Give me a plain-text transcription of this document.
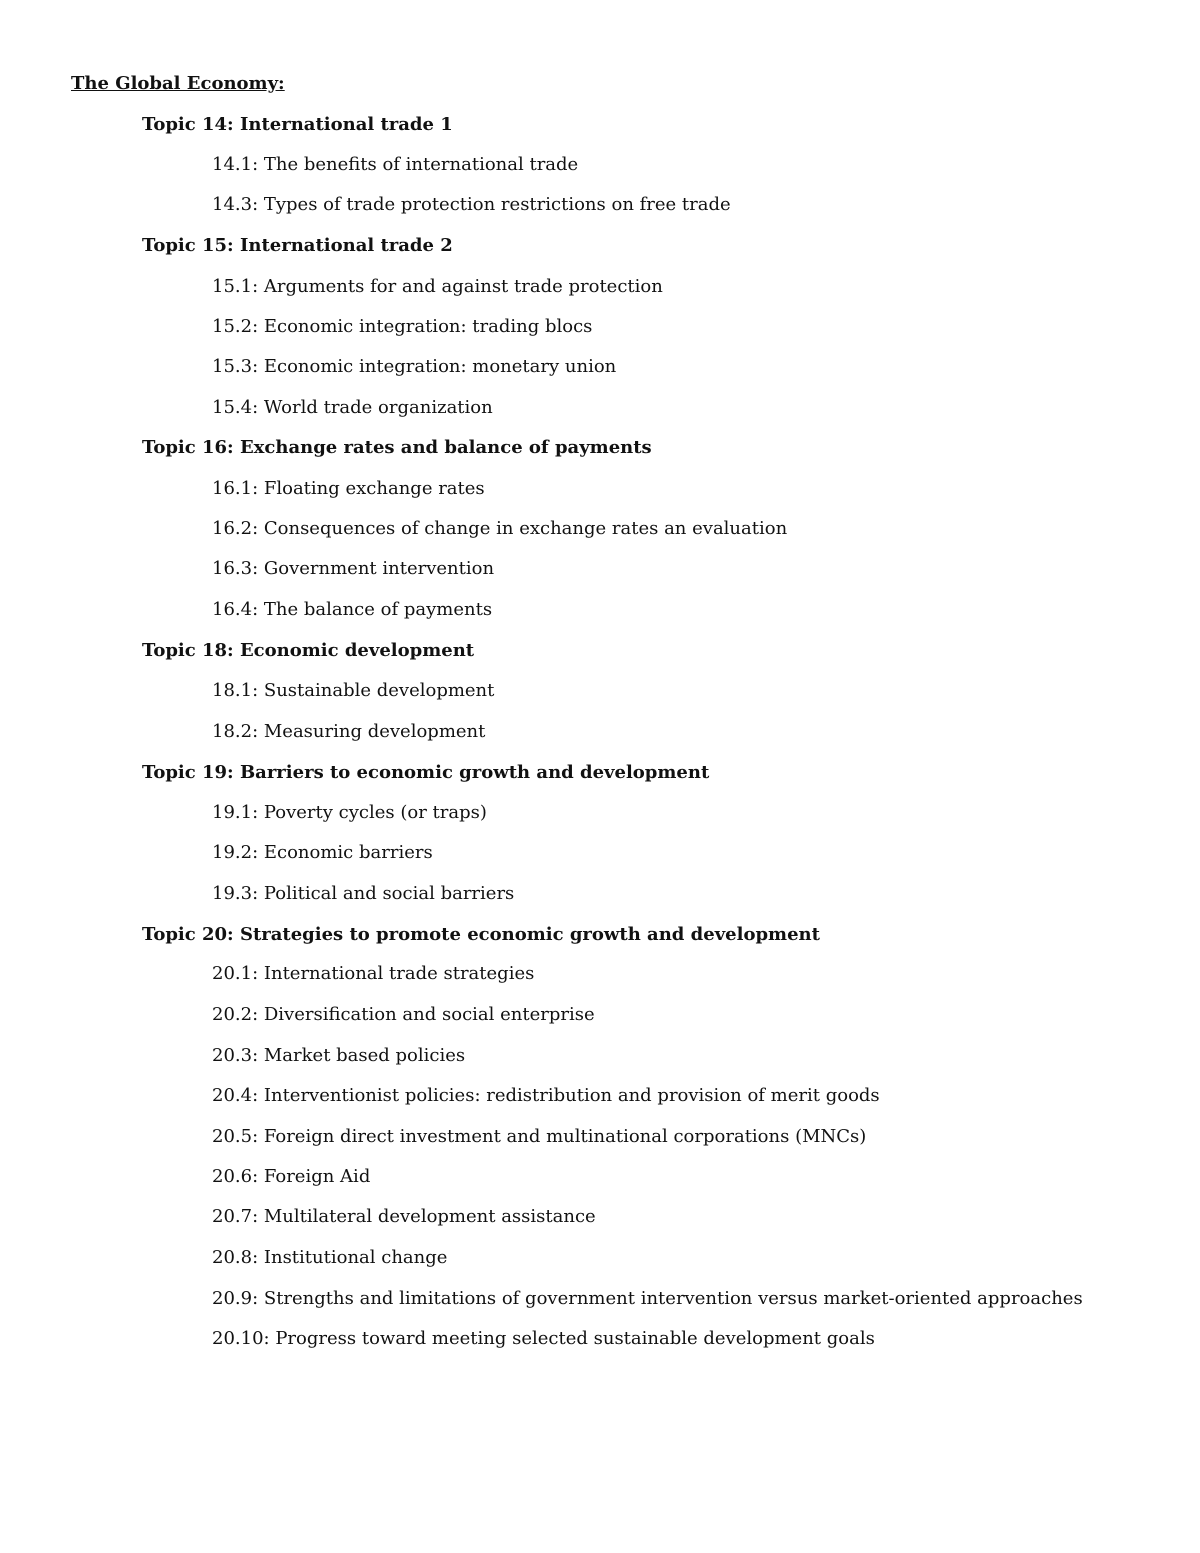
The Global Economy:
Topic 14: International trade 1
14.1: The benefits of international trade
14.3: Types of trade protection restrictions on free trade
Topic 15: International trade 2
15.1: Arguments for and against trade protection
15.2: Economic integration: trading blocs
15.3: Economic integration: monetary union
15.4: World trade organization
Topic 16: Exchange rates and balance of payments
16.1: Floating exchange rates
16.2: Consequences of change in exchange rates an evaluation
16.3: Government intervention
16.4: The balance of payments
Topic 18: Economic development
18.1: Sustainable development
18.2: Measuring development
Topic 19: Barriers to economic growth and development
19.1: Poverty cycles (or traps)
19.2: Economic barriers
19.3: Political and social barriers
Topic 20: Strategies to promote economic growth and development
20.1: International trade strategies
20.2: Diversification and social enterprise
20.3: Market based policies
20.4: Interventionist policies: redistribution and provision of merit goods
20.5: Foreign direct investment and multinational corporations (MNCs)
20.6: Foreign Aid
20.7: Multilateral development assistance
20.8: Institutional change
20.9: Strengths and limitations of government intervention versus market-oriented approaches
20.10: Progress toward meeting selected sustainable development goals
